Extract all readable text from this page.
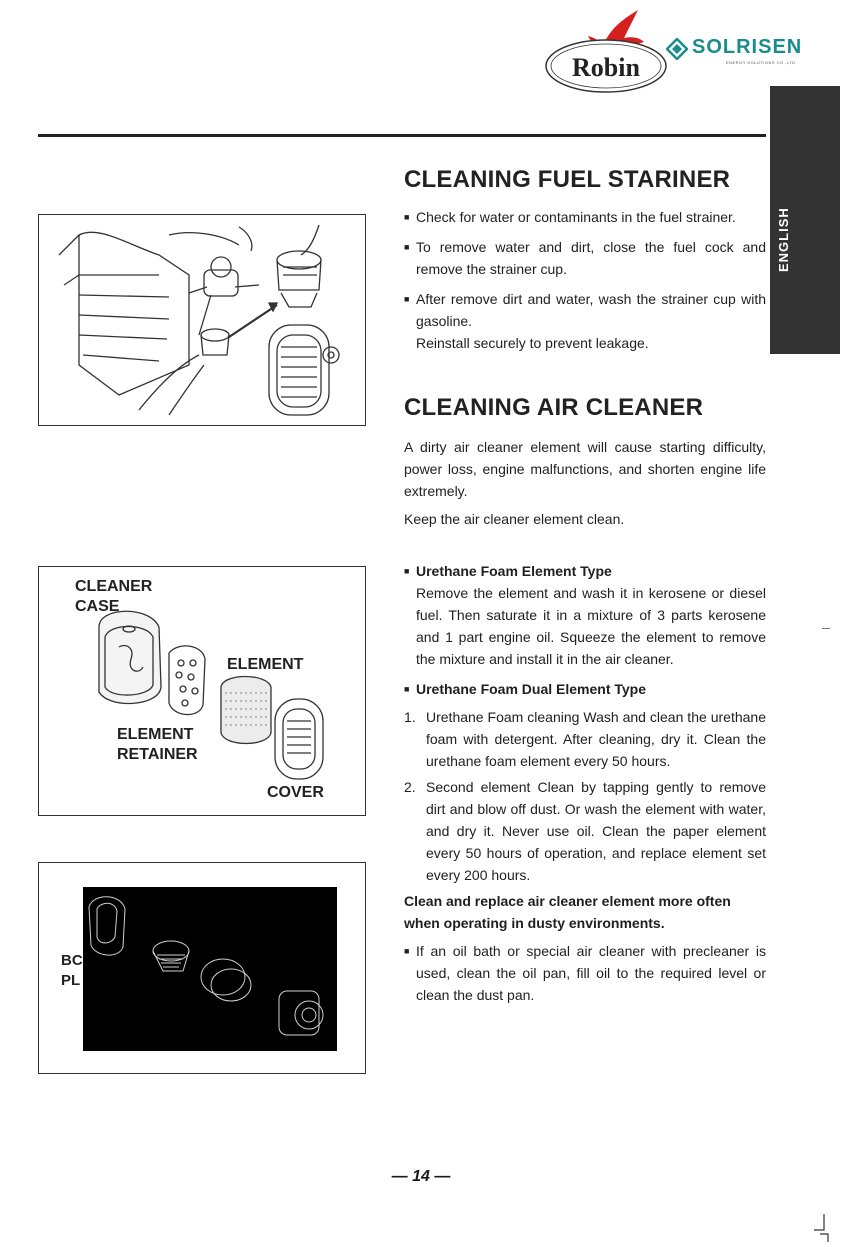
Robin
SOLRISEN
ENERGY SOLUTIONS CO.,LTD
ENGLISH
CLEANING FUEL STARINER
■ Check for water or contaminants in the fuel strainer.
■ To remove water and dirt, close the fuel cock and remove the strainer cup.
■ After remove dirt and water, wash the strainer cup with gasoline.
Reinstall securely to prevent leakage.
CLEANING AIR CLEANER
A dirty air cleaner element will cause starting difficulty, power loss, engine malfunctions, and shorten engine life extremely.
Keep the air cleaner element clean.
■ Urethane Foam Element Type
Remove the element and wash it in kerosene or diesel fuel. Then saturate it in a mixture of 3 parts kerosene and 1 part engine oil. Squeeze the element to remove the mixture and install it in the air cleaner.
■ Urethane Foam Dual Element Type
1. Urethane Foam cleaning Wash and clean the urethane foam with detergent. After cleaning, dry it. Clean the urethane foam element every 50 hours.
2. Second element Clean by tapping gently to remove dirt and blow off dust. Or wash the element with water, and dry it. Never use oil. Clean the paper element every 50 hours of operation, and replace element set every 200 hours.
Clean and replace air cleaner element more often when operating in dusty environments.
■ If an oil bath or special air cleaner with precleaner is used, clean the oil pan, fill oil to the required level or clean the dust pan.
CLEANER CASE
ELEMENT
ELEMENT RETAINER
COVER
BC
PL
— 14 —
